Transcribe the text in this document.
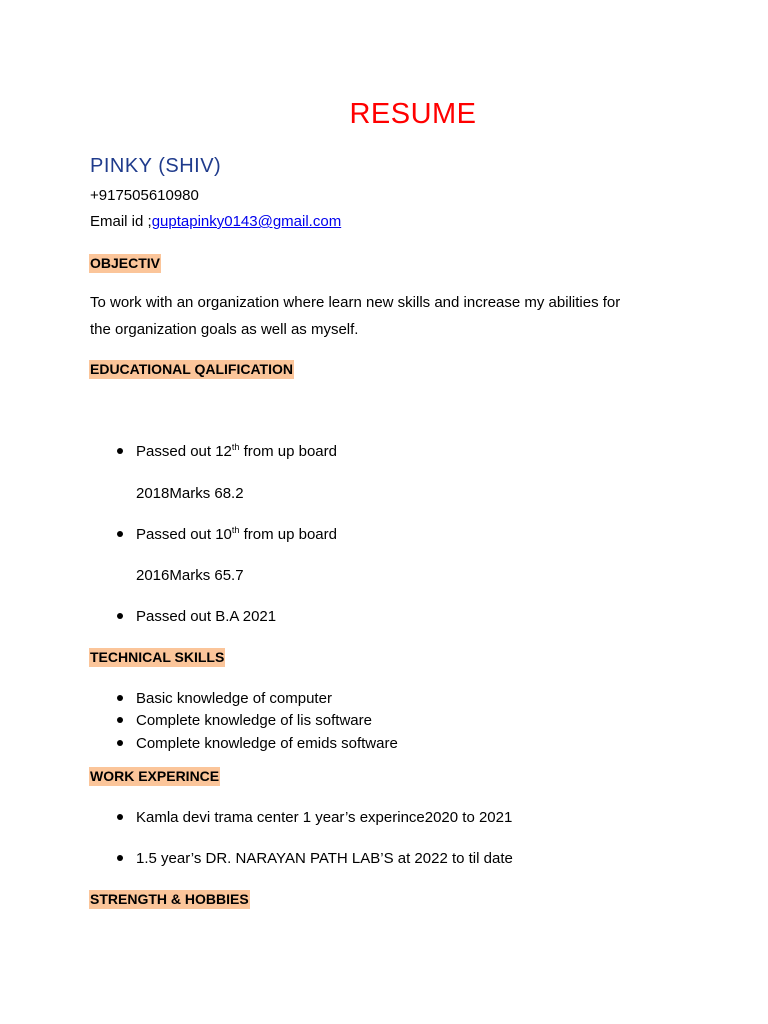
RESUME
PINKY (SHIV)
+917505610980
Email id ;guptapinky0143@gmail.com
OBJECTIV
To work with an organization where learn new skills and increase my abilities for
the organization goals as well as myself.
EDUCATIONAL QALIFICATION
Passed out 12th from up board
2018Marks 68.2
Passed out 10th from up board
2016Marks 65.7
Passed out B.A 2021
TECHNICAL SKILLS
Basic knowledge of computer
Complete knowledge of lis software
Complete knowledge of emids software
WORK EXPERINCE
Kamla devi trama center 1 year’s experince2020 to 2021
1.5 year’s DR. NARAYAN PATH LAB’S at 2022 to til date
STRENGTH & HOBBIES
